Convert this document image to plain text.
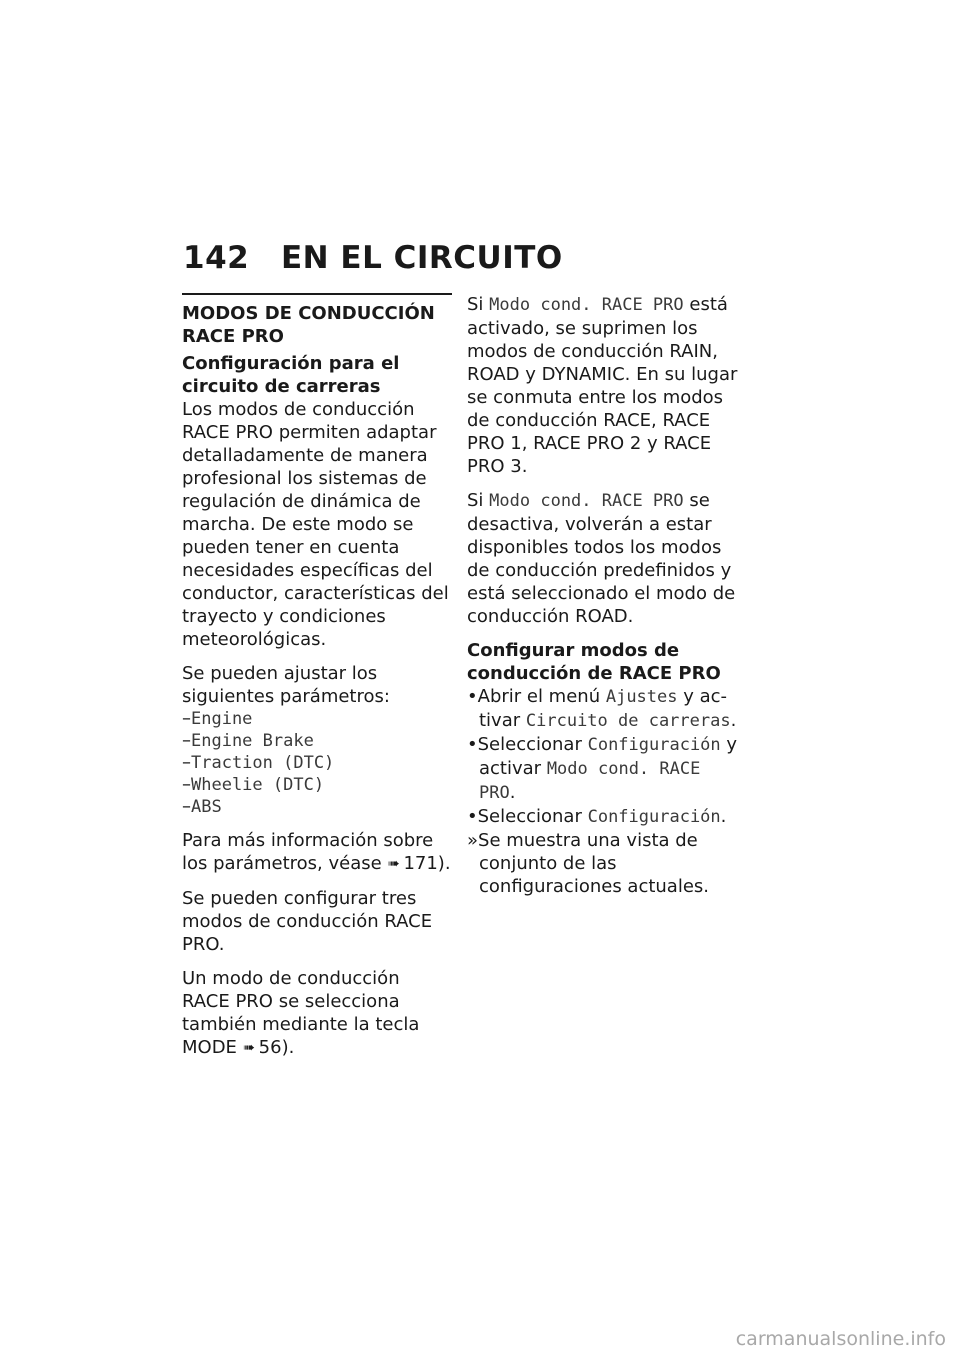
142 EN EL CIRCUITO
MODOS DE CONDUCCIÓN RACE PRO
Configuración para el circuito de carreras

Los modos de conducción RACE PRO permiten adaptar detalladamente de manera profesional los sistemas de regulación de dinámica de marcha. De este modo se pueden tener en cuenta necesidades específicas del conductor, características del trayecto y condiciones meteorológicas.

Se pueden ajustar los siguientes parámetros:

–Engine
–Engine Brake
–Traction (DTC)
–Wheelie (DTC)
–ABS

Para más información sobre los parámetros, véase ➠ 171).

Se pueden configurar tres modos de conducción RACE PRO.

Un modo de conducción RACE PRO se selecciona también mediante la tecla MODE ➠ 56).

Si Modo cond. RACE PRO está activado, se suprimen los modos de conducción RAIN, ROAD y DYNAMIC. En su lugar se conmuta entre los modos de conducción RACE, RACE PRO 1, RACE PRO 2 y RACE PRO 3.

Si Modo cond. RACE PRO se desactiva, volverán a estar disponibles todos los modos de conducción predefinidos y está seleccionado el modo de conducción ROAD.

Configurar modos de conducción de RACE PRO
•Abrir el menú Ajustes y activar Circuito de carreras.
•Seleccionar Configuración y activar Modo cond. RACE PRO.
•Seleccionar Configuración.
»Se muestra una vista de conjunto de las configuraciones actuales.
carmanualsonline.info
